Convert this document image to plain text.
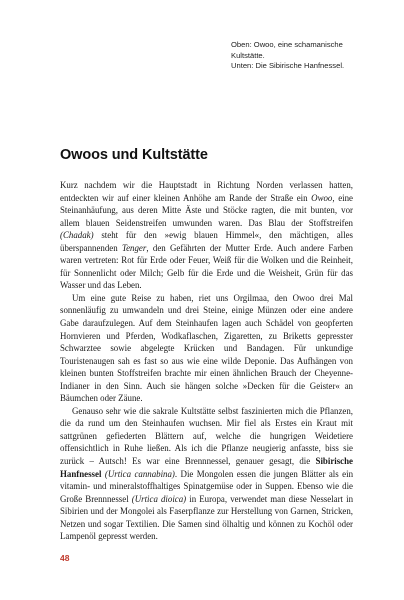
Oben: Owoo, eine schamanische
Kultstätte.
Unten: Die Sibirische Hanfnessel.
Owoos und Kultstätte

Kurz nachdem wir die Hauptstadt in Richtung Norden verlassen hatten, entdeckten wir auf einer kleinen Anhöhe am Rande der Straße ein Owoo, eine Steinanhäufung, aus deren Mitte Äste und Stöcke ragten, die mit bunten, vor allem blauen Seidenstreifen umwunden waren. Das Blau der Stoffstreifen (Chadak) steht für den »ewig blauen Himmel«, den mächtigen, alles überspannenden Tenger, den Gefährten der Mutter Erde. Auch andere Farben waren vertreten: Rot für Erde oder Feuer, Weiß für die Wolken und die Reinheit, für Sonnenlicht oder Milch; Gelb für die Erde und die Weisheit, Grün für das Wasser und das Leben.

Um eine gute Reise zu haben, riet uns Orgilmaa, den Owoo drei Mal sonnenläufig zu umwandeln und drei Steine, einige Münzen oder eine andere Gabe daraufzulegen. Auf dem Steinhaufen lagen auch Schädel von geopferten Hornvieren und Pferden, Wodkaflaschen, Zigaretten, zu Briketts gepresster Schwarztee sowie abgelegte Krücken und Bandagen. Für unkundige Touristenaugen sah es fast so aus wie eine wilde Deponie. Das Aufhängen von kleinen bunten Stoffstreifen brachte mir einen ähnlichen Brauch der Cheyenne-Indianer in den Sinn. Auch sie hängen solche »Decken für die Geister« an Bäumchen oder Zäune.

Genauso sehr wie die sakrale Kultstätte selbst faszinierten mich die Pflanzen, die da rund um den Steinhaufen wuchsen. Mir fiel als Erstes ein Kraut mit sattgrünen gefiederten Blättern auf, welche die hungrigen Weidetiere offensichtlich in Ruhe ließen. Als ich die Pflanze neugierig anfasste, biss sie zurück – Autsch! Es war eine Brennnessel, genauer gesagt, die Sibirische Hanfnessel (Urtica cannabina). Die Mongolen essen die jungen Blätter als ein vitamin- und mineralstoffhaltiges Spinatgemüse oder in Suppen. Ebenso wie die Große Brennnessel (Urtica dioica) in Europa, verwendet man diese Nesselart in Sibirien und der Mongolei als Faserpflanze zur Herstellung von Garnen, Stricken, Netzen und sogar Textilien. Die Samen sind ölhaltig und können zu Kochöl oder Lampenöl gepresst werden.

48
